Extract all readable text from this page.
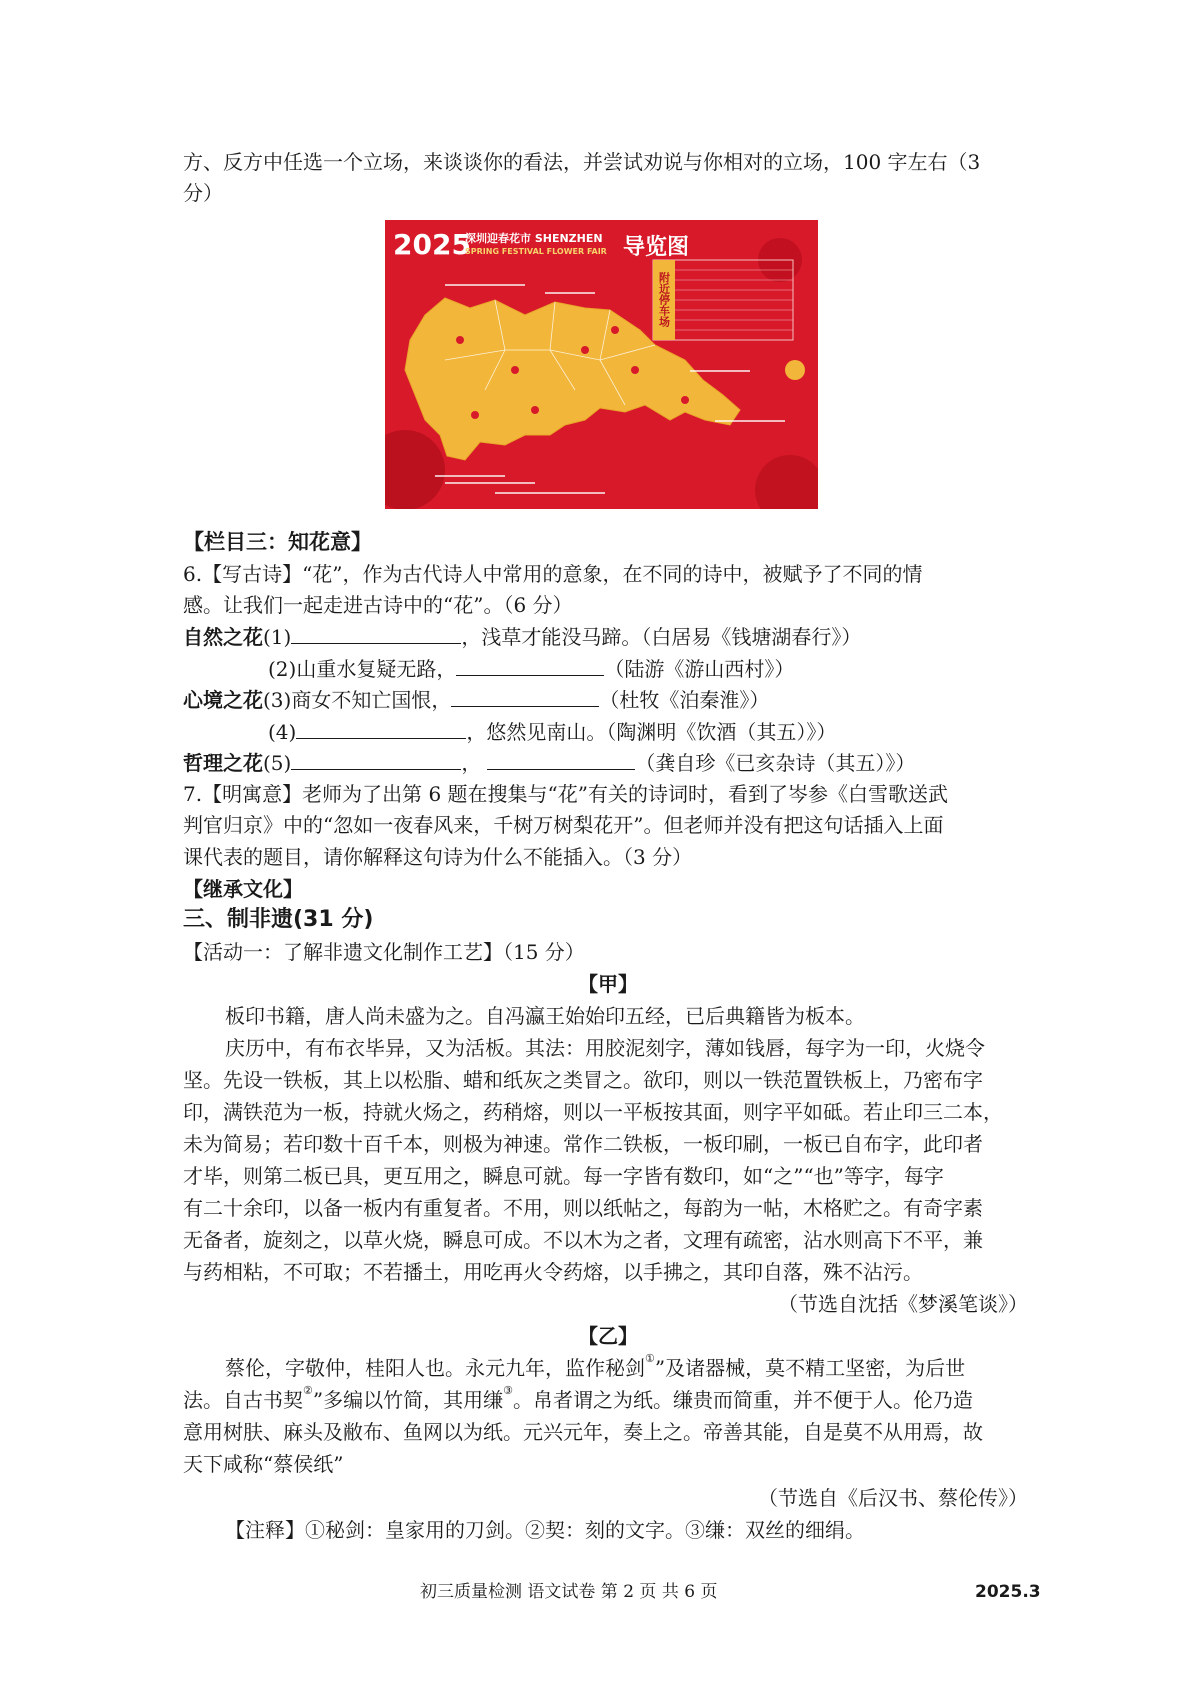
方、反方中任选一个立场，来谈谈你的看法，并尝试劝说与你相对的立场，100 字左右（3
分）
2025
深圳迎春花市 SHENZHEN
SPRING FESTIVAL FLOWER FAIR 导览图
附近停车场
【栏目三：知花意】
6.【写古诗】“花”，作为古代诗人中常用的意象，在不同的诗中，被赋予了不同的情
感。让我们一起走进古诗中的“花”。（6 分）
自然之花(1)	，浅草才能没马蹄。（白居易《钱塘湖春行》）
(2)山重水复疑无路，	（陆游《游山西村》）
心境之花(3)商女不知亡国恨，	（杜牧《泊秦淮》）
(4)	，悠然见南山。（陶渊明《饮酒（其五）》）
哲理之花(5)	，	（龚自珍《已亥杂诗（其五）》）
7.【明寓意】老师为了出第 6 题在搜集与“花”有关的诗词时，看到了岑参《白雪歌送武
判官归京》中的“忽如一夜春风来，千树万树梨花开”。但老师并没有把这句话插入上面
课代表的题目，请你解释这句诗为什么不能插入。（3 分）
【继承文化】
三、制非遗(31 分)
【活动一：了解非遗文化制作工艺】（15 分）
【甲】
板印书籍，唐人尚未盛为之。自冯瀛王始始印五经，已后典籍皆为板本。
庆历中，有布衣毕异，又为活板。其法：用胶泥刻字，薄如钱唇，每字为一印，火烧令
坚。先设一铁板，其上以松脂、蜡和纸灰之类冒之。欲印，则以一铁范置铁板上，乃密布字
印，满铁范为一板，持就火炀之，药稍熔，则以一平板按其面，则字平如砥。若止印三二本，
未为简易；若印数十百千本，则极为神速。常作二铁板，一板印刷，一板已自布字，此印者
才毕，则第二板已具，更互用之，瞬息可就。每一字皆有数印，如“之”“也”等字，每字
有二十余印，以备一板内有重复者。不用，则以纸帖之，每韵为一帖，木格贮之。有奇字素
无备者，旋刻之，以草火烧，瞬息可成。不以木为之者，文理有疏密，沾水则高下不平，兼
与药相粘，不可取；不若播土，用吃再火令药熔，以手拂之，其印自落，殊不沾污。
（节选自沈括《梦溪笔谈》）
【乙】
蔡伦，字敬仲，桂阳人也。永元九年，监作秘剑①”及诸器械，莫不精工坚密，为后世
法。自古书契②”多编以竹简，其用缣③。帛者谓之为纸。缣贵而简重，并不便于人。伦乃造
意用树肤、麻头及敝布、鱼网以为纸。元兴元年，奏上之。帝善其能，自是莫不从用焉，故
天下咸称“蔡侯纸”
（节选自《后汉书、蔡伦传》）
【注释】①秘剑：皇家用的刀剑。②契：刻的文字。③缣：双丝的细绢。
初三质量检测 语文试卷 第 2 页 共 6 页	2025.3
